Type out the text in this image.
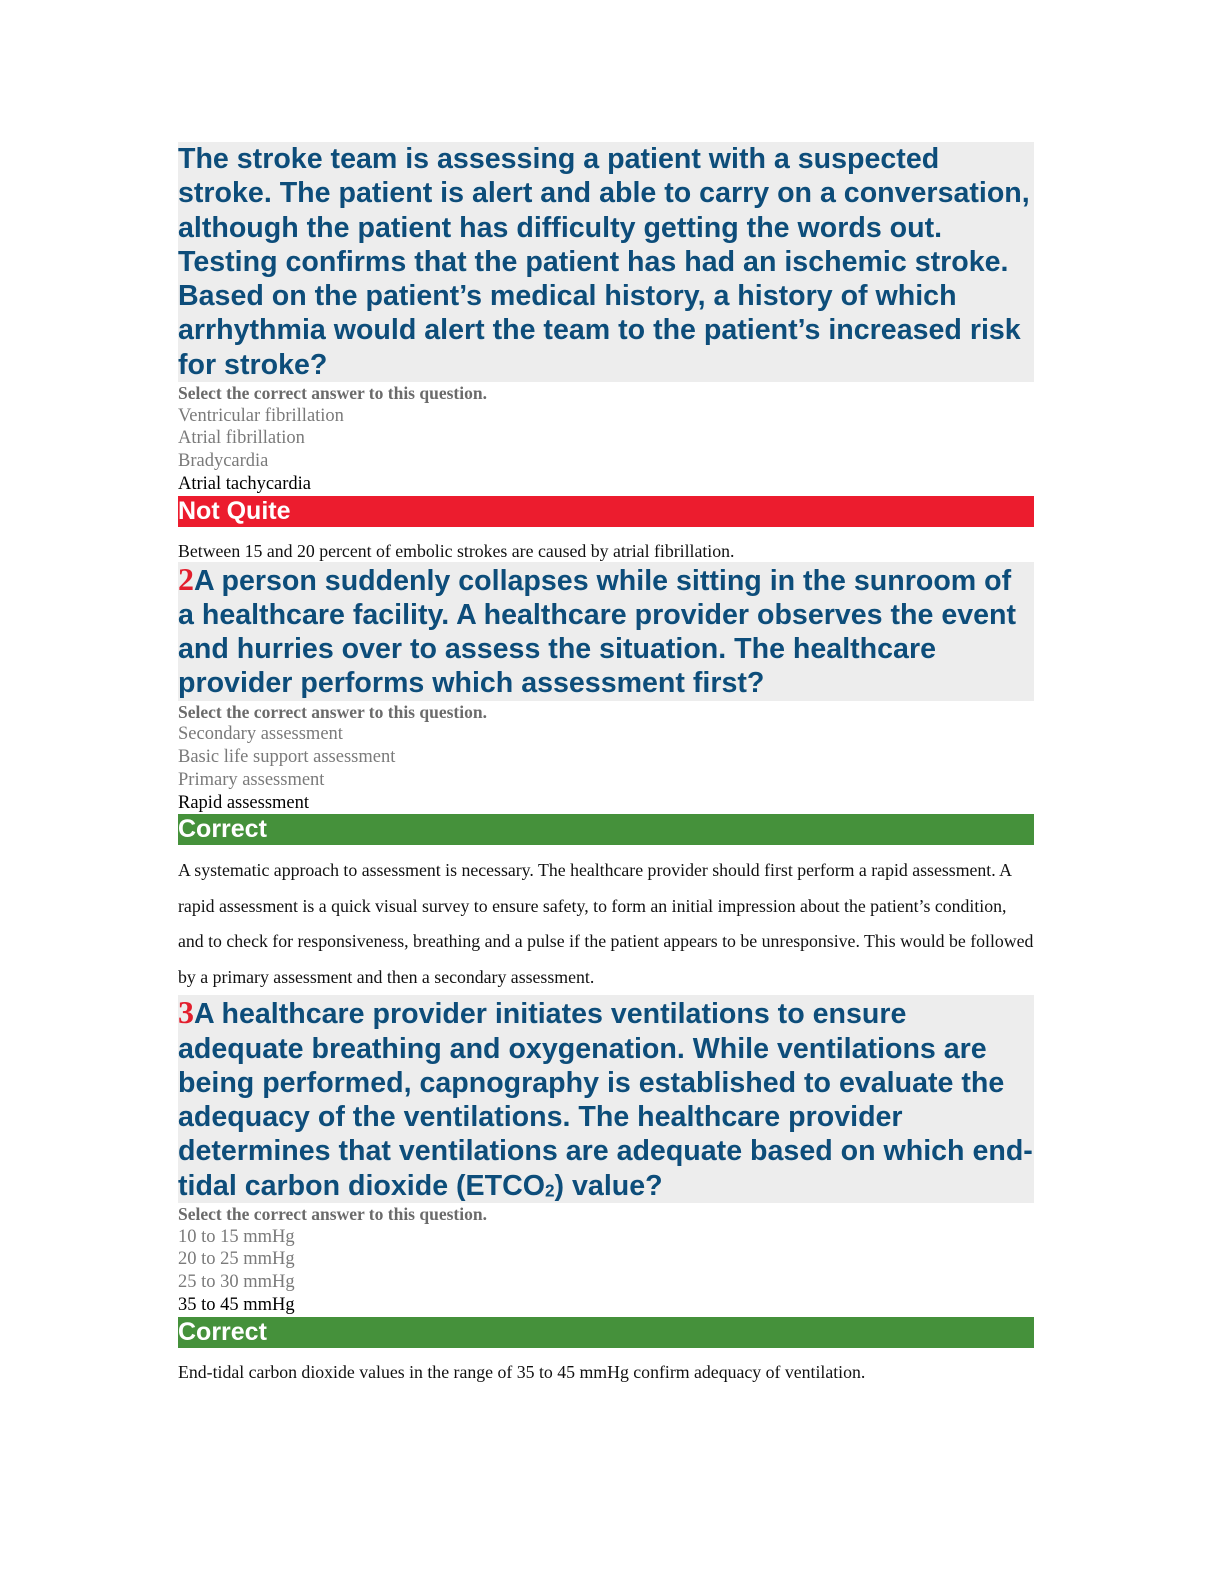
The stroke team is assessing a patient with a suspected stroke. The patient is alert and able to carry on a conversation, although the patient has difficulty getting the words out. Testing confirms that the patient has had an ischemic stroke. Based on the patient’s medical history, a history of which arrhythmia would alert the team to the patient’s increased risk for stroke?

Select the correct answer to this question.

Ventricular fibrillation
Atrial fibrillation
Bradycardia
Atrial tachycardia
Not Quite

Between 15 and 20 percent of embolic strokes are caused by atrial fibrillation.

2A person suddenly collapses while sitting in the sunroom of a healthcare facility. A healthcare provider observes the event and hurries over to assess the situation. The healthcare provider performs which assessment first?

Select the correct answer to this question.

Secondary assessment
Basic life support assessment
Primary assessment
Rapid assessment
Correct

A systematic approach to assessment is necessary. The healthcare provider should first perform a rapid assessment. A rapid assessment is a quick visual survey to ensure safety, to form an initial impression about the patient’s condition, and to check for responsiveness, breathing and a pulse if the patient appears to be unresponsive. This would be followed by a primary assessment and then a secondary assessment.

3A healthcare provider initiates ventilations to ensure adequate breathing and oxygenation. While ventilations are being performed, capnography is established to evaluate the adequacy of the ventilations. The healthcare provider determines that ventilations are adequate based on which end-tidal carbon dioxide (ETCO2) value?

Select the correct answer to this question.

10 to 15 mmHg
20 to 25 mmHg
25 to 30 mmHg
35 to 45 mmHg
Correct

End-tidal carbon dioxide values in the range of 35 to 45 mmHg confirm adequacy of ventilation.
